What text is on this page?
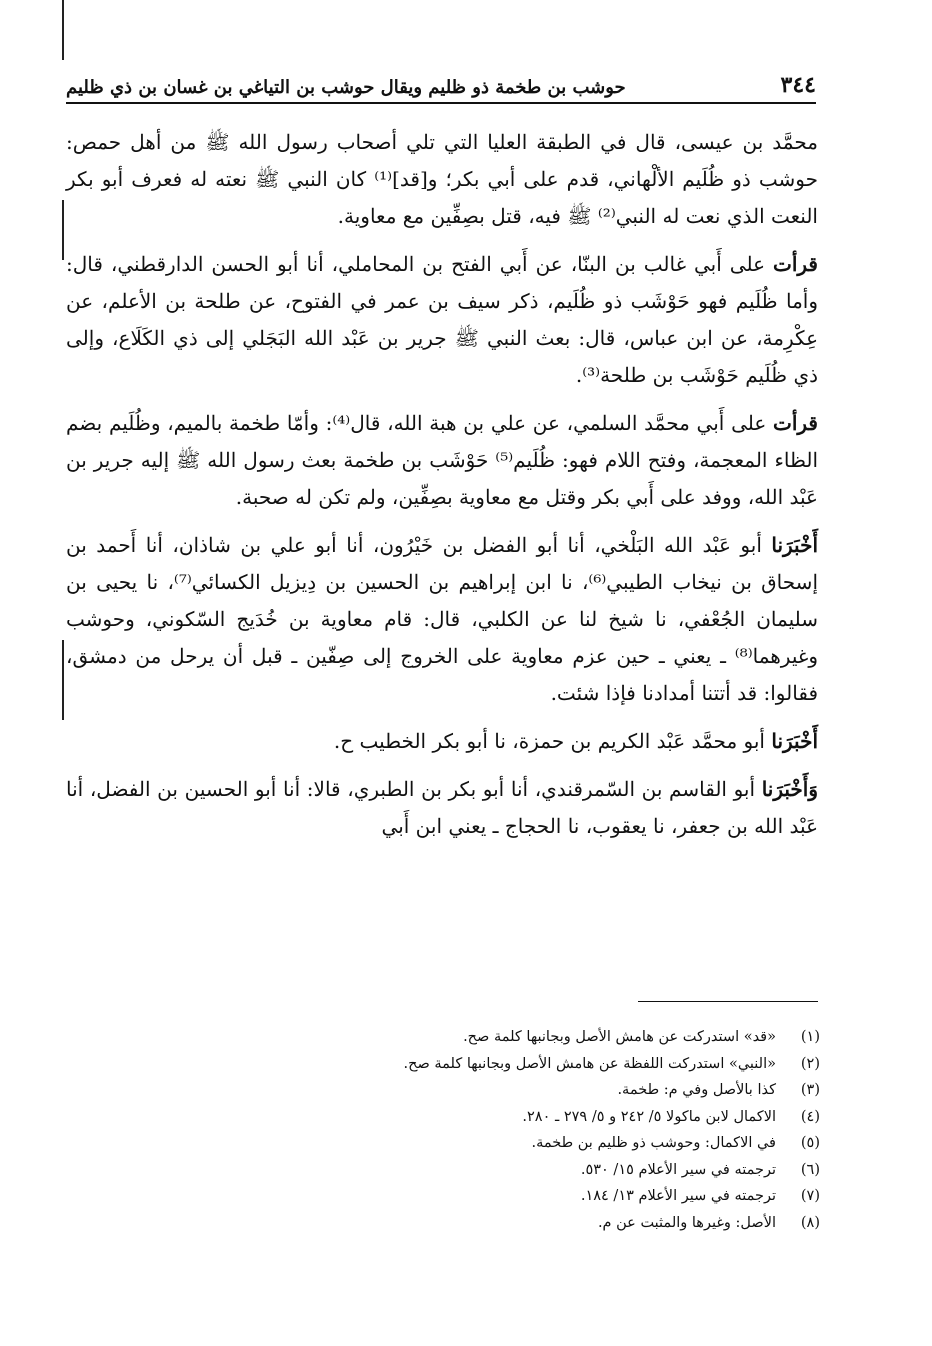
٣٤٤
حوشب بن طخمة ذو ظليم ويقال حوشب بن التياغي بن غسان بن ذي ظليم

محمَّد بن عيسى، قال في الطبقة العليا التي تلي أصحاب رسول الله ﷺ من أهل حمص: حوشب ذو ظُلَيم الألْهاني، قدم على أبي بكر؛ و[قد]⁽¹⁾ كان النبي ﷺ نعته له فعرف أبو بكر النعت الذي نعت له النبي⁽²⁾ ﷺ فيه، قتل بصِفِّين مع معاوية.

قرأت على أَبي غالب بن البنّا، عن أَبي الفتح بن المحاملي، أنا أبو الحسن الدارقطني، قال: وأما ظُلَيم فهو حَوْشَب ذو ظُلَيم، ذكر سيف بن عمر في الفتوح، عن طلحة بن الأعلم، عن عِكْرِمة، عن ابن عباس، قال: بعث النبي ﷺ جرير بن عَبْد الله البَجَلي إلى ذي الكَلَاع، وإلى ذي ظُلَيم حَوْشَب بن طلحة⁽³⁾.

قرأت على أَبي محمَّد السلمي، عن علي بن هبة الله، قال⁽⁴⁾: وأمّا طخمة بالميم، وظُلَيم بضم الظاء المعجمة، وفتح اللام فهو: ظُلَيم⁽⁵⁾ حَوْشَب بن طخمة بعث رسول الله ﷺ إليه جرير بن عَبْد الله، ووفد على أَبي بكر وقتل مع معاوية بصِفِّين، ولم تكن له صحبة.

أَخْبَرَنا أبو عَبْد الله البَلْخي، أنا أبو الفضل بن خَيْرُون، أنا أبو علي بن شاذان، أنا أَحمد بن إسحاق بن نيخاب الطيبي⁽⁶⁾، نا ابن إبراهيم بن الحسين بن دِيزيل الكسائي⁽⁷⁾، نا يحيى بن سليمان الجُعْفي، نا شيخ لنا عن الكلبي، قال: قام معاوية بن خُدَيج السّكوني، وحوشب وغيرهما⁽⁸⁾ ـ يعني ـ حين عزم معاوية على الخروج إلى صِفّين ـ قبل أن يرحل من دمشق، فقالوا: قد أتتنا أمدادنا فإذا شئت.

أَخْبَرَنا أبو محمَّد عَبْد الكريم بن حمزة، نا أبو بكر الخطيب ح.

وَأَخْبَرَنا أبو القاسم بن السّمرقندي، أنا أبو بكر بن الطبري، قالا: أنا أبو الحسين بن الفضل، أنا عَبْد الله بن جعفر، نا يعقوب، نا الحجاج ـ يعني ابن أَبي

(١)
«قد» استدركت عن هامش الأصل وبجانبها كلمة صح.
(٢)
«النبي» استدركت اللفظة عن هامش الأصل وبجانبها كلمة صح.
(٣)
كذا بالأصل وفي م: طخمة.
(٤)
الاكمال لابن ماكولا ٥/ ٢٤٢ و ٥/ ٢٧٩ ـ ٢٨٠.
(٥)
في الاكمال: وحوشب ذو ظليم بن طخمة.
(٦)
ترجمته في سير الأعلام ١٥/ ٥٣٠.
(٧)
ترجمته في سير الأعلام ١٣/ ١٨٤.
(٨)
الأصل: وغيرها والمثبت عن م.
